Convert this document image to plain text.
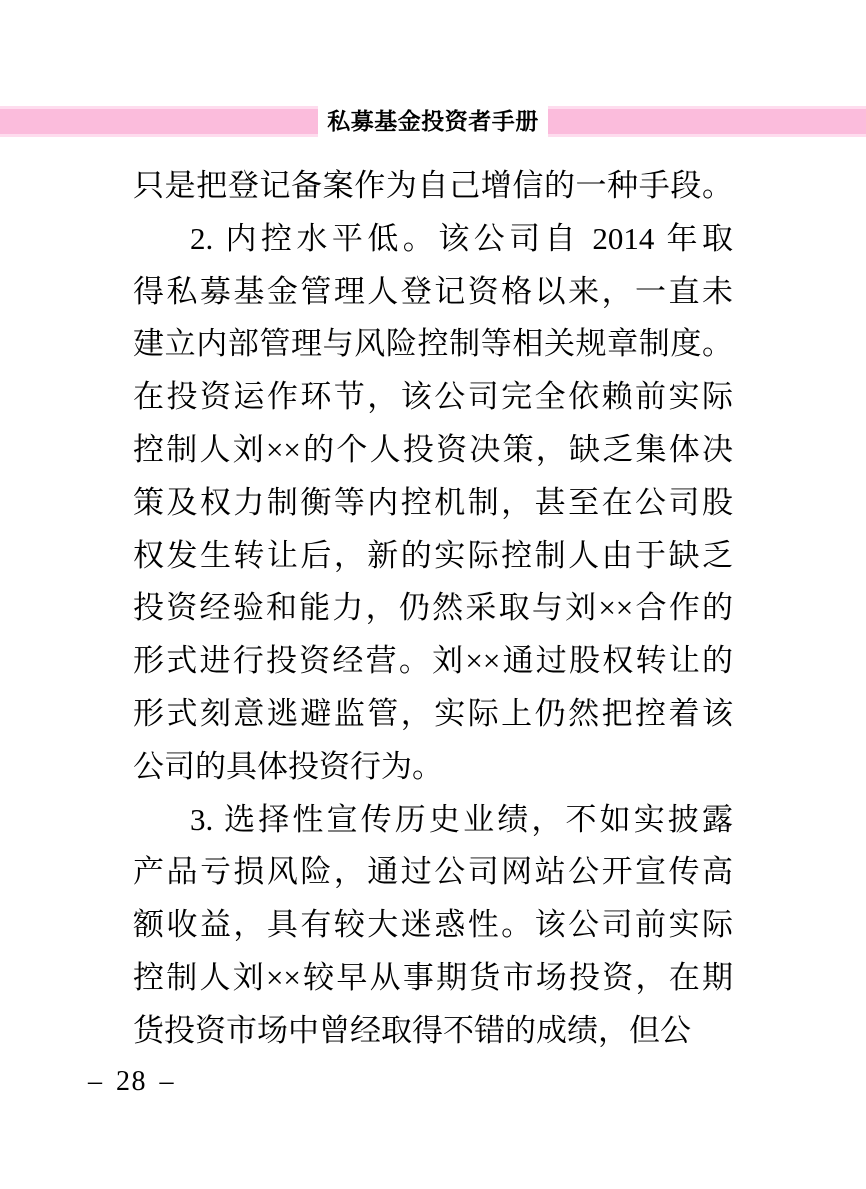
私募基金投资者手册
只是把登记备案作为自己增信的一种手段。
2. 内控水平低。该公司自 2014 年取
得私募基金管理人登记资格以来，一直未
建立内部管理与风险控制等相关规章制度。
在投资运作环节，该公司完全依赖前实际
控制人刘××的个人投资决策，缺乏集体决
策及权力制衡等内控机制，甚至在公司股
权发生转让后，新的实际控制人由于缺乏
投资经验和能力，仍然采取与刘××合作的
形式进行投资经营。刘××通过股权转让的
形式刻意逃避监管，实际上仍然把控着该
公司的具体投资行为。
3. 选择性宣传历史业绩，不如实披露
产品亏损风险，通过公司网站公开宣传高
额收益，具有较大迷惑性。该公司前实际
控制人刘××较早从事期货市场投资，在期
货投资市场中曾经取得不错的成绩，但公
– 28 –
